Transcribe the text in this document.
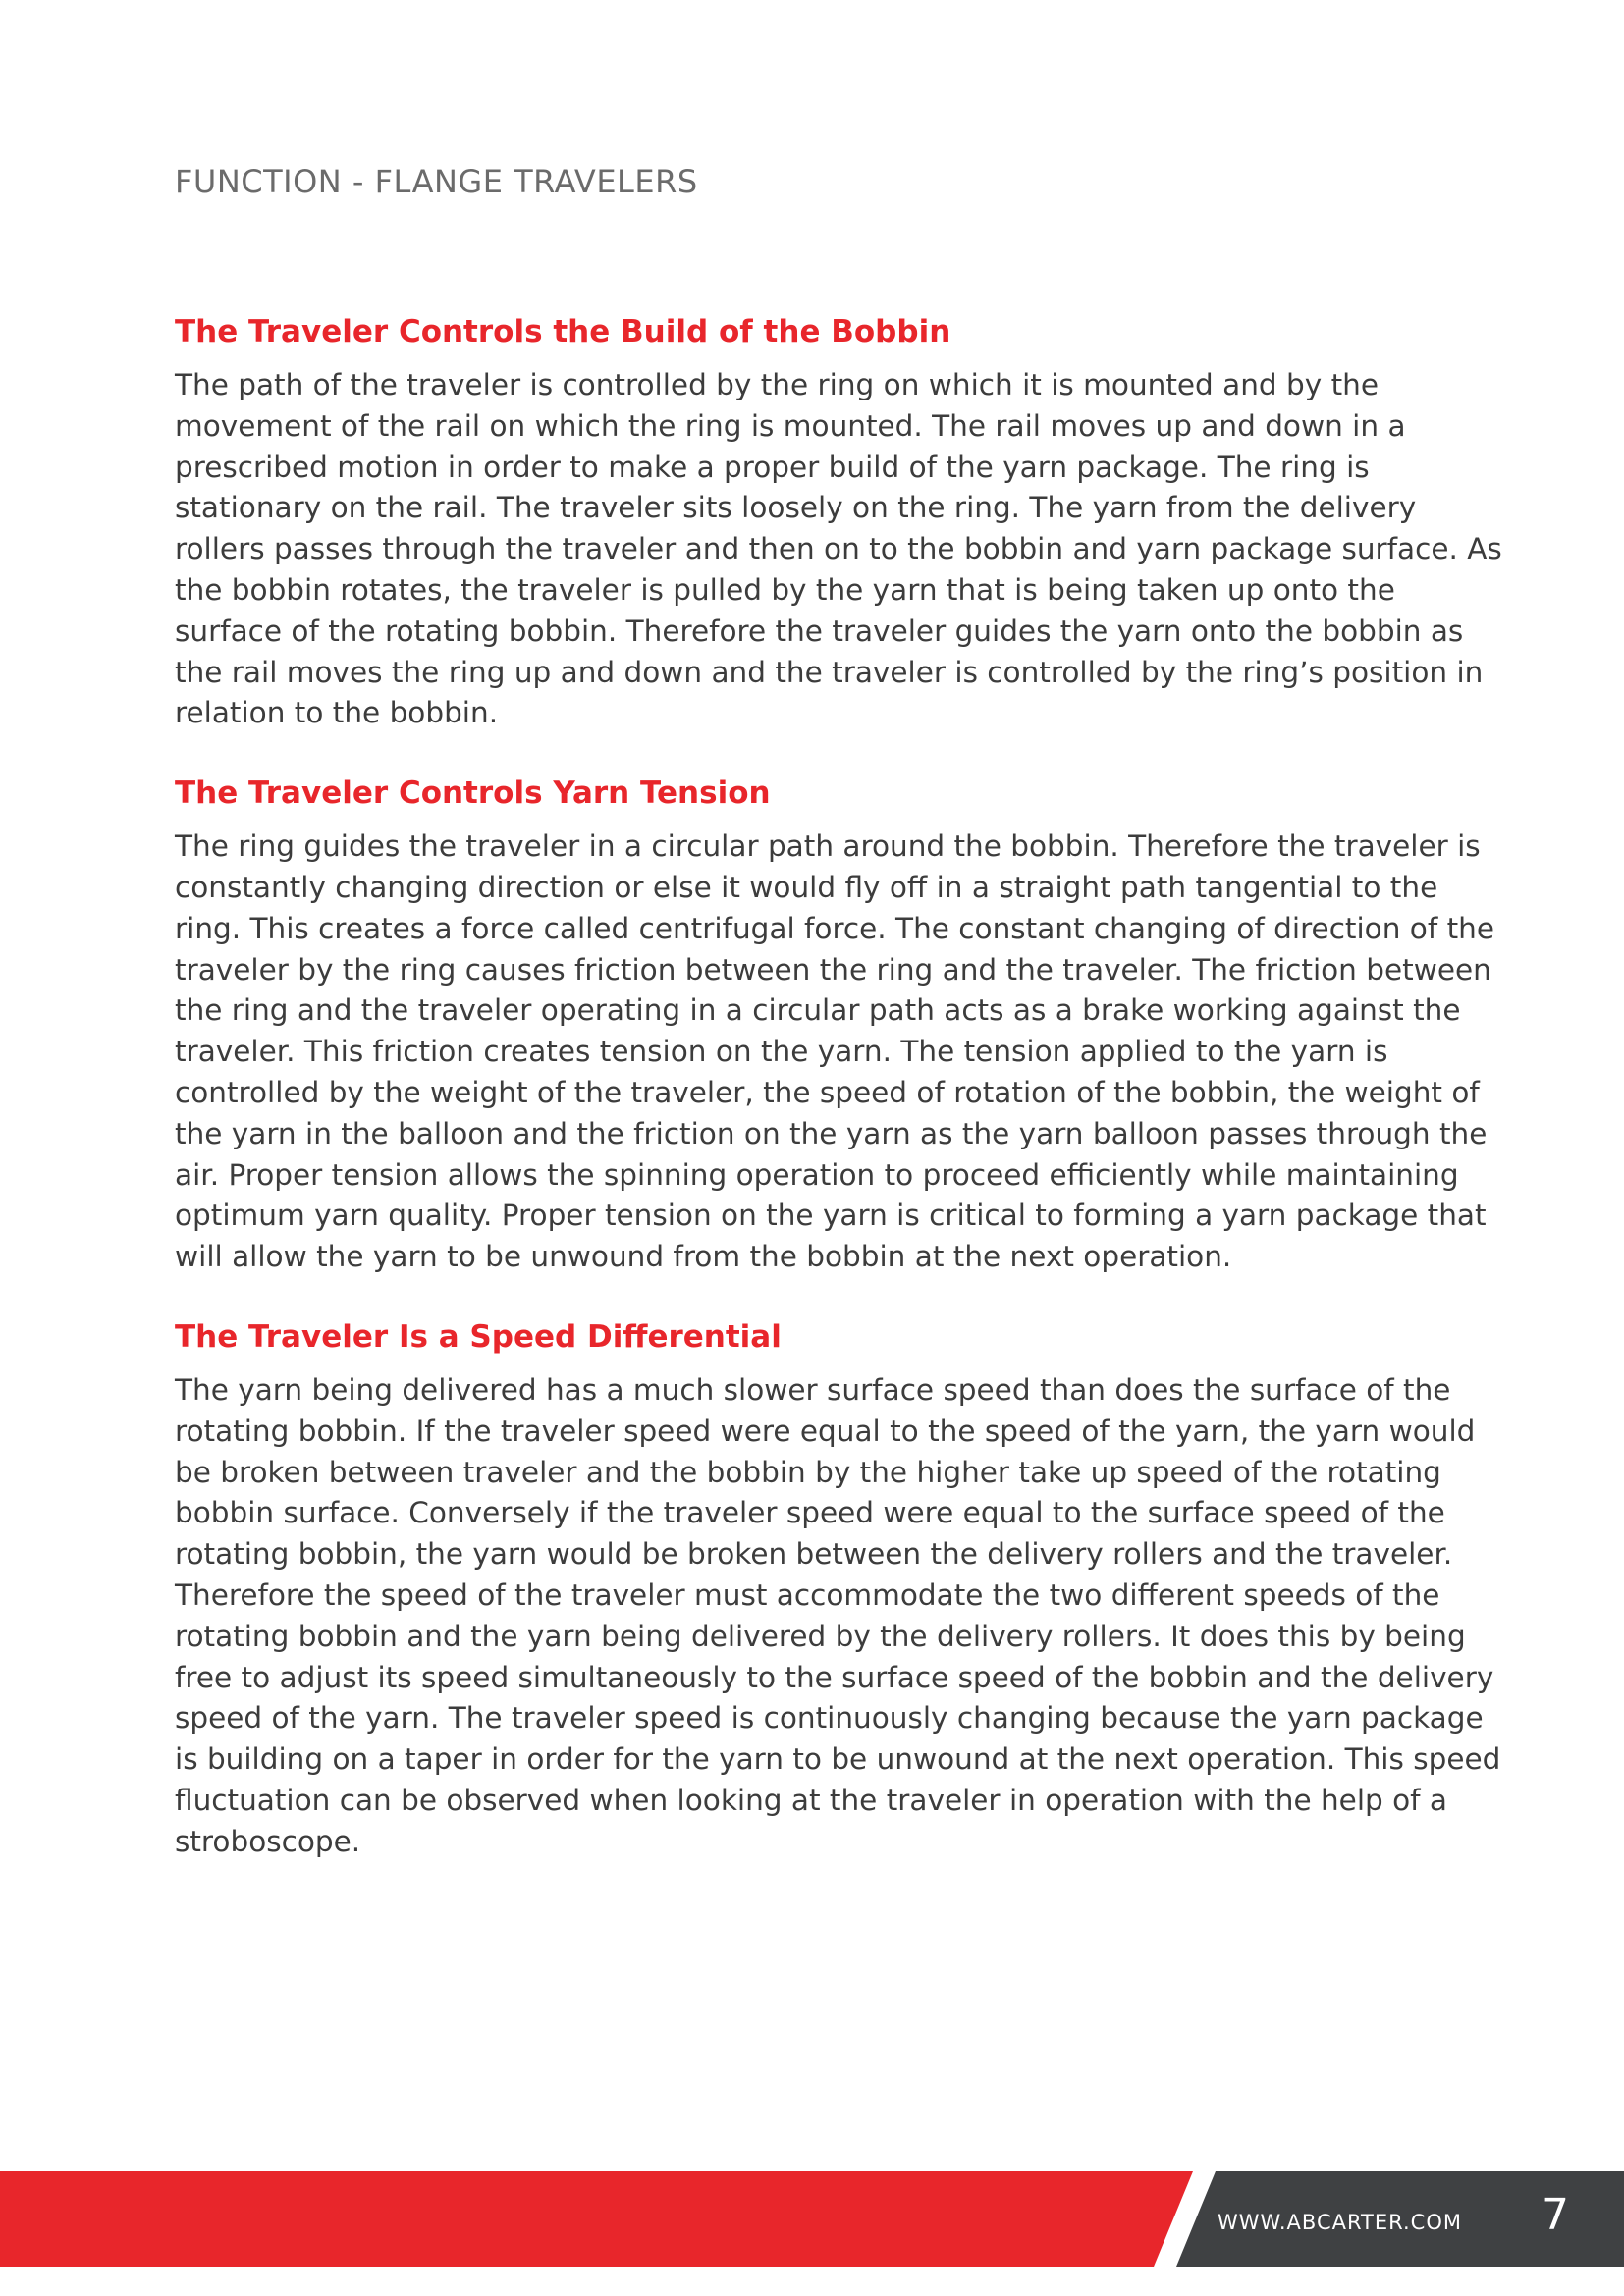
FUNCTION - FLANGE TRAVELERS
The Traveler Controls the Build of the Bobbin

The path of the traveler is controlled by the ring on which it is mounted and by the movement of the rail on which the ring is mounted. The rail moves up and down in a prescribed motion in order to make a proper build of the yarn package. The ring is stationary on the rail. The traveler sits loosely on the ring. The yarn from the delivery rollers passes through the traveler and then on to the bobbin and yarn package surface. As the bobbin rotates, the traveler is pulled by the yarn that is being taken up onto the surface of the rotating bobbin. Therefore the traveler guides the yarn onto the bobbin as the rail moves the ring up and down and the traveler is controlled by the ring’s position in relation to the bobbin.

The Traveler Controls Yarn Tension

The ring guides the traveler in a circular path around the bobbin. Therefore the traveler is constantly changing direction or else it would fly off in a straight path tangential to the ring. This creates a force called centrifugal force. The constant changing of direction of the traveler by the ring causes friction between the ring and the traveler. The friction between the ring and the traveler operating in a circular path acts as a brake working against the traveler. This friction creates tension on the yarn. The tension applied to the yarn is controlled by the weight of the traveler, the speed of rotation of the bobbin, the weight of the yarn in the balloon and the friction on the yarn as the yarn balloon passes through the air. Proper tension allows the spinning operation to proceed efficiently while maintaining optimum yarn quality. Proper tension on the yarn is critical to forming a yarn package that will allow the yarn to be unwound from the bobbin at the next operation.

The Traveler Is a Speed Differential

The yarn being delivered has a much slower surface speed than does the surface of the rotating bobbin. If the traveler speed were equal to the speed of the yarn, the yarn would be broken between traveler and the bobbin by the higher take up speed of the rotating bobbin surface. Conversely if the traveler speed were equal to the surface speed of the rotating bobbin, the yarn would be broken between the delivery rollers and the traveler. Therefore the speed of the traveler must accommodate the two different speeds of the rotating bobbin and the yarn being delivered by the delivery rollers. It does this by being free to adjust its speed simultaneously to the surface speed of the bobbin and the delivery speed of the yarn. The traveler speed is continuously changing because the yarn package is building on a taper in order for the yarn to be unwound at the next operation. This speed fluctuation can be observed when looking at the traveler in operation with the help of a stroboscope.

WWW.ABCARTER.COM 7
